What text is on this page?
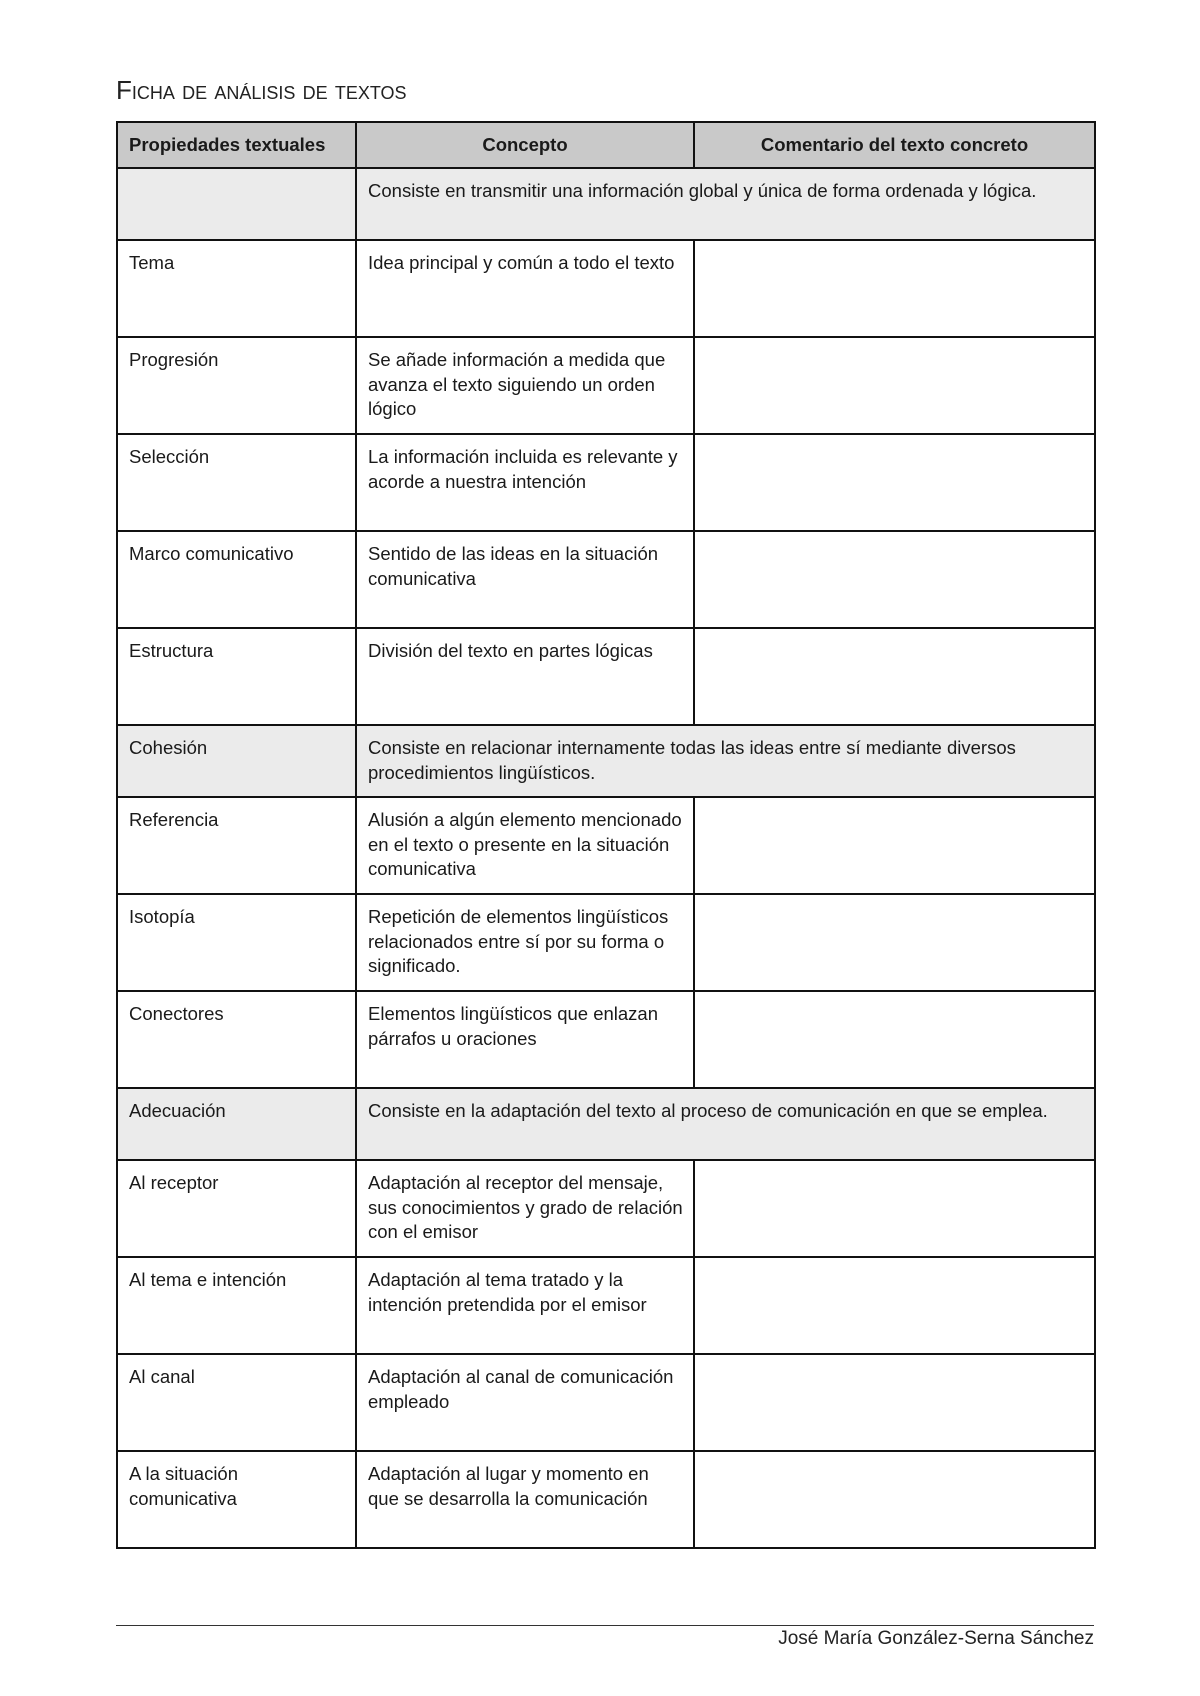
Ficha de análisis de textos
Propiedades textuales	Concepto	Comentario del texto concreto
	Consiste en transmitir una información global y única de forma ordenada y lógica.	
Tema	Idea principal y común a todo el texto	
Progresión	Se añade información a medida que avanza el texto siguiendo un orden lógico	
Selección	La información incluida es relevante y acorde a nuestra intención	
Marco comunicativo	Sentido de las ideas en la situación comunicativa	
Estructura	División del texto en partes lógicas	
Cohesión	Consiste en relacionar internamente todas las ideas entre sí mediante diversos procedimientos lingüísticos.	
Referencia	Alusión a algún elemento mencionado en el texto o presente en la situación comunicativa	
Isotopía	Repetición de elementos lingüísticos relacionados entre sí por su forma o significado.	
Conectores	Elementos lingüísticos que enlazan párrafos u oraciones	
Adecuación	Consiste en la adaptación del texto al proceso de comunicación en que se emplea.	
Al receptor	Adaptación al receptor del mensaje, sus conocimientos y grado de relación con el emisor	
Al tema e intención	Adaptación al tema tratado y la intención pretendida por el emisor	
Al canal	Adaptación al canal de comunicación empleado	
A la situación comunicativa	Adaptación al lugar y momento en que se desarrolla la comunicación	
José María González-Serna Sánchez
